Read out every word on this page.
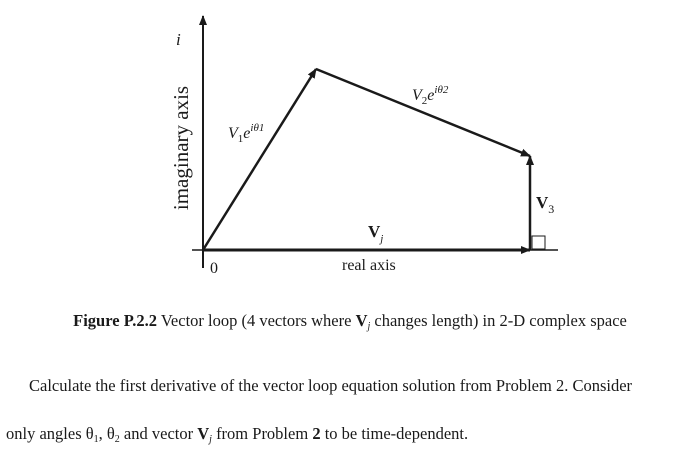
imaginary axis
i
real axis
0
$V_1e^{i\theta 1}$
$V_2e^{i\theta 2}$
$V_3$
$V_j$
Figure P.2.2 Vector loop (4 vectors where $V_j$ changes length) in 2-D complex space
Calculate the first derivative of the vector loop equation solution from Problem 2. Consider
only angles $\theta_1$, $\theta_2$ and vector $V_j$ from Problem 2 to be time-dependent.
